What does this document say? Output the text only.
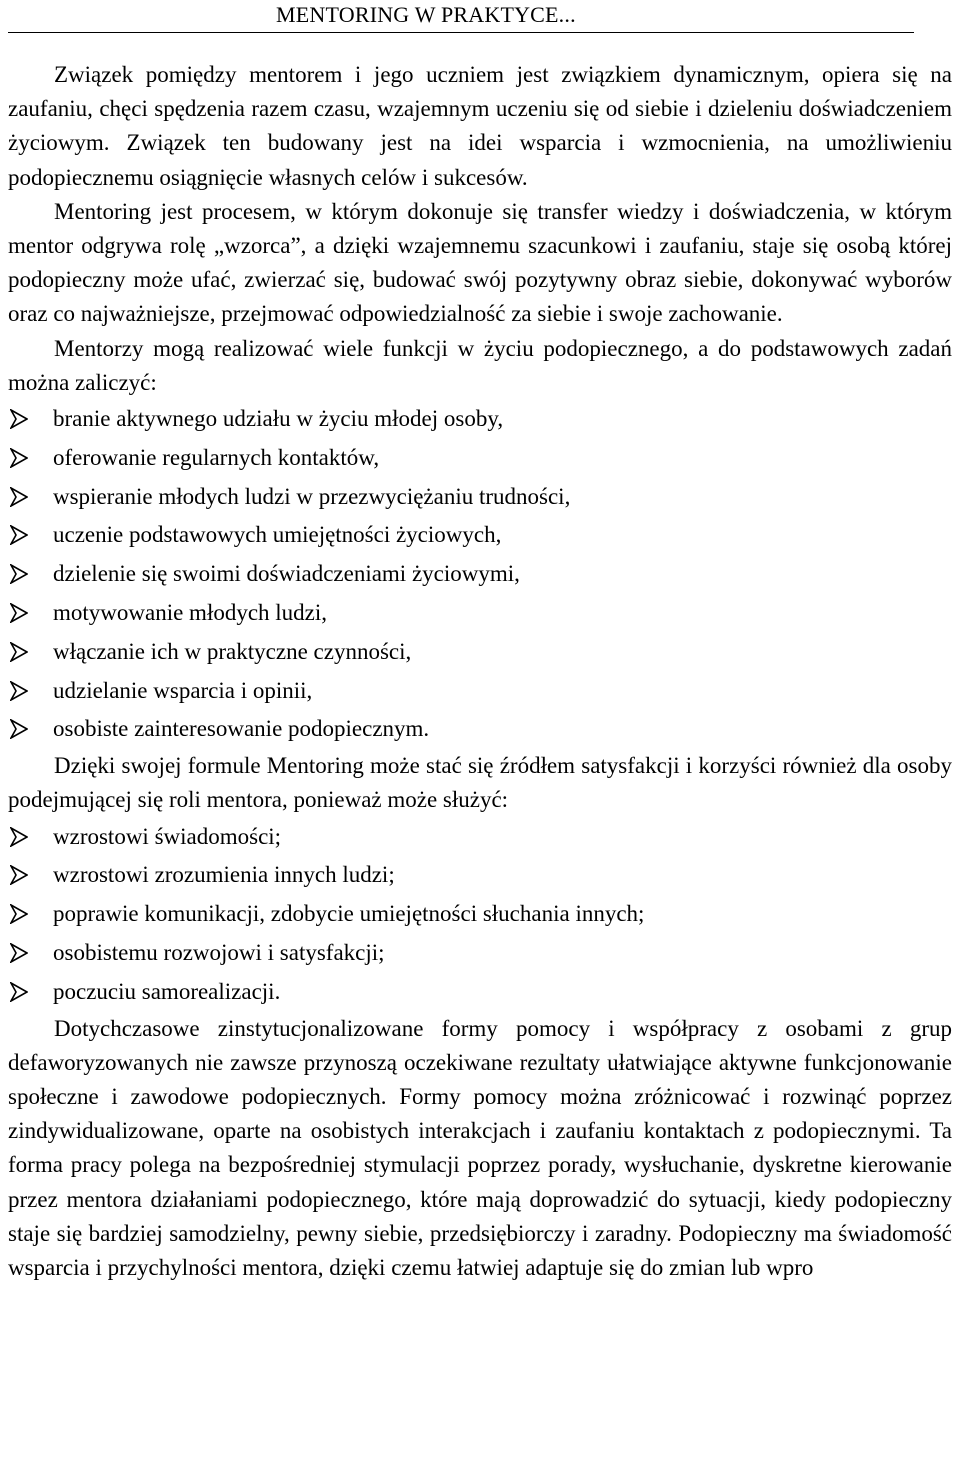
MENTORING W PRAKTYCE...

Związek pomiędzy mentorem i jego uczniem jest związkiem dynamicznym, opiera się na zaufaniu, chęci spędzenia razem czasu, wzajemnym uczeniu się od siebie i dzieleniu doświadczeniem życiowym. Związek ten budowany jest na idei wsparcia i wzmocnienia, na umożliwieniu podopiecznemu osiągnięcie własnych celów i sukcesów.

Mentoring jest procesem, w którym dokonuje się transfer wiedzy i doświadczenia, w którym mentor odgrywa rolę „wzorca”, a dzięki wzajemnemu szacunkowi i zaufaniu, staje się osobą której podopieczny może ufać, zwierzać się, budować swój pozytywny obraz siebie, dokonywać wyborów oraz co najważniejsze, przejmować odpowiedzialność za siebie i swoje zachowanie.

Mentorzy mogą realizować wiele funkcji w życiu podopiecznego, a do podstawowych zadań można zaliczyć:

branie aktywnego udziału w życiu młodej osoby,
oferowanie regularnych kontaktów,
wspieranie młodych ludzi w przezwyciężaniu trudności,
uczenie podstawowych umiejętności życiowych,
dzielenie się swoimi doświadczeniami życiowymi,
motywowanie młodych ludzi,
włączanie ich w praktyczne czynności,
udzielanie wsparcia i opinii,
osobiste zainteresowanie podopiecznym.

Dzięki swojej formule Mentoring może stać się źródłem satysfakcji i korzyści również dla osoby podejmującej się roli mentora, ponieważ może służyć:

wzrostowi świadomości;
wzrostowi zrozumienia innych ludzi;
poprawie komunikacji, zdobycie umiejętności słuchania innych;
osobistemu rozwojowi i satysfakcji;
poczuciu samorealizacji.

Dotychczasowe zinstytucjonalizowane formy pomocy i współpracy z osobami z grup defaworyzowanych nie zawsze przynoszą oczekiwane rezultaty ułatwiające aktywne funkcjonowanie społeczne i zawodowe podopiecznych. Formy pomocy można zróżnicować i rozwinąć poprzez zindywidualizowane, oparte na osobistych interakcjach i zaufaniu kontaktach z podopiecznymi. Ta forma pracy polega na bezpośredniej stymulacji poprzez porady, wysłuchanie, dyskretne kierowanie przez mentora działaniami podopiecznego, które mają doprowadzić do sytuacji, kiedy podopieczny staje się bardziej samodzielny, pewny siebie, przedsiębiorczy i zaradny. Podopieczny ma świadomość wsparcia i przychylności mentora, dzięki czemu łatwiej adaptuje się do zmian lub wpro
